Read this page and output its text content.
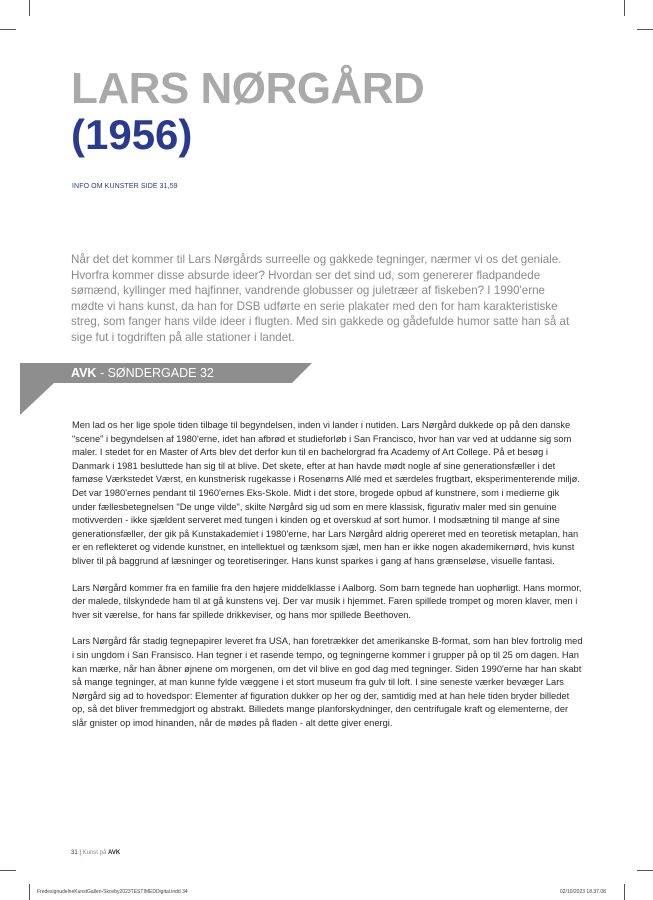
LARS NØRGÅRD
(1956)
INFO OM KUNSTER SIDE 31,59

Når det det kommer til Lars Nørgårds surreelle og gakkede tegninger, nærmer vi os det geniale. Hvorfra kommer disse absurde ideer? Hvordan ser det sind ud, som genererer fladpandede sømænd, kyllinger med hajfinner, vandrende globusser og juletræer af fiskeben? I 1990'erne mødte vi hans kunst, da han for DSB udførte en serie plakater med den for ham karakteristiske streg, som fanger hans vilde ideer i flugten. Med sin gakkede og gådefulde humor satte han så at sige fut i togdriften på alle stationer i landet.

AVK - SØNDERGADE 32

Men lad os her lige spole tiden tilbage til begyndelsen, inden vi lander i nutiden. Lars Nørgård dukkede op på den danske "scene" i begyndelsen af 1980'erne, idet han afbrød et studieforløb i San Francisco, hvor han var ved at uddanne sig som maler. I stedet for en Master of Arts blev det derfor kun til en bachelorgrad fra Academy of Art College. På et besøg i Danmark i 1981 besluttede han sig til at blive. Det skete, efter at han havde mødt nogle af sine generationsfæller i det famøse Værkstedet Værst, en kunstnerisk rugekasse i Rosenørns Allé med et særdeles frugtbart, eksperimenterende miljø. Det var 1980'ernes pendant til 1960'ernes Eks-Skole. Midt i det store, brogede opbud af kunstnere, som i medierne gik under fællesbetegnelsen "De unge vilde", skilte Nørgård sig ud som en mere klassisk, figurativ maler med sin genuine motivverden - ikke sjældent serveret med tungen i kinden og et overskud af sort humor. I modsætning til mange af sine generationsfæller, der gik på Kunstakademiet i 1980'erne, har Lars Nørgård aldrig opereret med en teoretisk metaplan, han er en reflekteret og vidende kunstner, en intellektuel og tænksom sjæl, men han er ikke nogen akademikernørd, hvis kunst bliver til på baggrund af læsninger og teoretiseringer. Hans kunst sparkes i gang af hans grænseløse, visuelle fantasi.

Lars Nørgård kommer fra en familie fra den højere middelklasse i Aalborg. Som barn tegnede han uophørligt. Hans mormor, der malede, tilskyndede ham til at gå kunstens vej. Der var musik i hjemmet. Faren spillede trompet og moren klaver, men i hver sit værelse, for hans far spillede drikkeviser, og hans mor spillede Beethoven.

Lars Nørgård får stadig tegnepapirer leveret fra USA, han foretrækker det amerikanske B-format, som han blev fortrolig med i sin ungdom i San Fransisco. Han tegner i et rasende tempo, og tegningerne kommer i grupper på op til 25 om dagen. Han kan mærke, når han åbner øjnene om morgenen, om det vil blive en god dag med tegninger. Siden 1990'erne har han skabt så mange tegninger, at man kunne fylde væggene i et stort museum fra gulv til loft. I sine seneste værker bevæger Lars Nørgård sig ad to hovedspor: Elementer af figuration dukker op her og der, samtidig med at han hele tiden bryder billedet op, så det bliver fremmedgjort og abstrakt. Billedets mange planforskydninger, den centrifugale kraft og elementerne, der slår gnister op imod hinanden, når de mødes på fladen - alt dette giver energi.

31 | Kunst på AVK
FredesignudelneKunstGallen-Skovby2023TESTIMEDDigital.indd 34	02/10/2023 18.37.08
